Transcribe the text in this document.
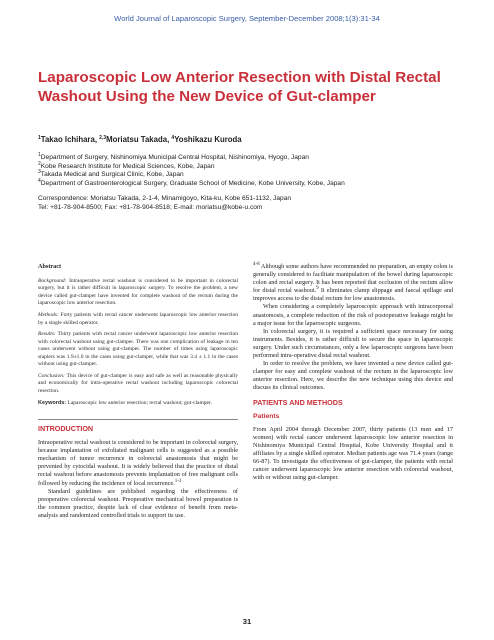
World Journal of Laparoscopic Surgery, September-December 2008;1(3):31-34
Laparoscopic Low Anterior Resection with Distal Rectal Washout Using the New Device of Gut-clamper
$^1$Takao Ichihara, $^{2,3}$Moriatsu Takada, $^4$Yoshikazu Kuroda
$^1$Department of Surgery, Nishinomiya Municipal Central Hospital, Nishinomiya, Hyogo, Japan
$^2$Kobe Research Institute for Medical Sciences, Kobe, Japan
$^3$Takada Medical and Surgical Clinic, Kobe, Japan
$^4$Department of Gastroenterological Surgery, Graduate School of Medicine, Kobe University, Kobe, Japan
Correspondence: Moriatsu Takada, 2-1-4, Minamigoyo, Kita-ku, Kobe 651-1132, Japan
Tel: +81-78-904-8500; Fax: +81-78-904-8518; E-mail: moriatsu@kobe-u.com
Abstract

Background: Intraoperative rectal washout is considered to be important in colorectal surgery, but it is rather difficult in laparoscopic surgery. To resolve the problem, a new device called gut-clamper have invented for complete washout of the rectum during the laparoscopic low anterior resection.

Methods: Forty patients with rectal cancer underwent laparoscopic low anterior resection by a single skilled operator.

Results: Thirty patients with rectal cancer underwent laparoscopic low anterior resection with colorectal washout using gut-clamper. There was one complication of leakage in ten cases underwent without using gut-clamper. The number of times using laparoscopic staplers was 1.9±1.0 in the cases using gut-clamper, while that was 3.4 ± 1.1 in the cases without using gut-clamper.

Conclusion: This device of gut-clamper is easy and safe as well as reasonable physically and economically for intra-operative rectal washout including laparoscopic colorectal resection.

Keywords: Laparoscopic low anterior resection; rectal washout; gut-clamper.

INTRODUCTION

Intraoperative rectal washout is considered to be important in colorectal surgery, because implantation of exfoliated malignant cells is suggested as a possible mechanism of tumor recurrence in colorectal anastomosis that might be prevented by cytocidal washout. It is widely believed that the practice of distal rectal washout before anastomosis prevents implantation of free malignant cells followed by reducing the incidence of local recurrence.$^{1-3}$

Standard guidelines are published regarding the effectiveness of preoperative colorectal washout. Preoperative mechanical bowel preparation is the common practice, despite lack of clear evidence of benefit from meta-analysis and randomized controlled trials to support its use.

$^{4-8}$ Although some authors have recommended no preparation, an empty colon is generally considered to facilitate manipulation of the bowel during laparoscopic colon and rectal surgery. It has been reported that occlusion of the rectum allow for distal rectal washout.$^9$ It eliminates clamp slippage and faecal spillage and improves access to the distal rectum for low anastomosis.

When considering a completely laparoscopic approach with intracorporeal anastomosis, a complete reduction of the risk of postoperative leakage might be a major issue for the laparoscopic surgeons.

In colorectal surgery, it is required a sufficient space necessary for using instruments. Besides, it is rather difficult to secure the space in laparoscopic surgery. Under such circumstances, only a few laparoscopic surgeons have been performed intra-operative distal rectal washout.

In order to resolve the problem, we have invented a new device called gut-clamper for easy and complete washout of the rectum in the laparoscopic low anterior resection. Here, we describe the new technique using this device and discuss its clinical outcomes.

PATIENTS AND METHODS
Patients

From April 2004 through December 2007, thirty patients (13 men and 17 women) with rectal cancer underwent laparoscopic low anterior resection in Nishinomiya Municipal Central Hospital, Kobe University Hospital and it affiliates by a single skilled operator. Median patients age was 71.4 years (range 66-87). To investigate the effectiveness of gut-clamper, the patients with rectal cancer underwent laparoscopic low anterior resection with colorectal washout, with or without using gut-clamper.

31
